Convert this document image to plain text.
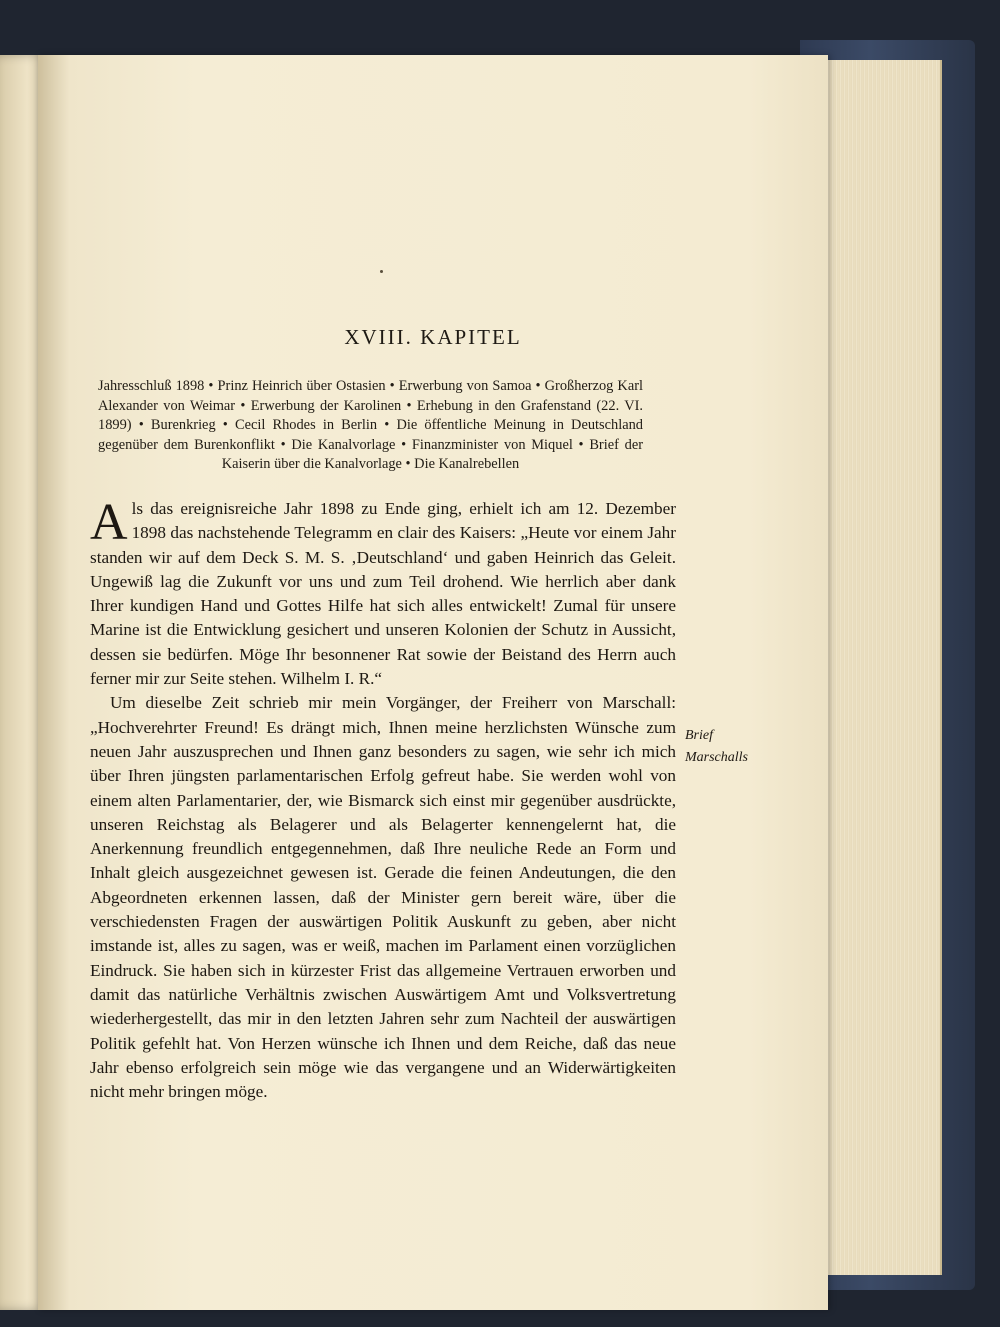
XVIII. KAPITEL
Jahresschluß 1898 • Prinz Heinrich über Ostasien • Erwerbung von Samoa • Großherzog Karl Alexander von Weimar • Erwerbung der Karolinen • Erhebung in den Grafenstand (22. VI. 1899) • Burenkrieg • Cecil Rhodes in Berlin • Die öffentliche Meinung in Deutschland gegenüber dem Burenkonflikt • Die Kanalvorlage • Finanzminister von Miquel • Brief der Kaiserin über die Kanalvorlage • Die Kanalrebellen

Als das ereignisreiche Jahr 1898 zu Ende ging, erhielt ich am 12. Dezember 1898 das nachstehende Telegramm en clair des Kaisers: „Heute vor einem Jahr standen wir auf dem Deck S. M. S. ‚Deutschland‘ und gaben Heinrich das Geleit. Ungewiß lag die Zukunft vor uns und zum Teil drohend. Wie herrlich aber dank Ihrer kundigen Hand und Gottes Hilfe hat sich alles entwickelt! Zumal für unsere Marine ist die Entwicklung gesichert und unseren Kolonien der Schutz in Aussicht, dessen sie bedürfen. Möge Ihr besonnener Rat sowie der Beistand des Herrn auch ferner mir zur Seite stehen. Wilhelm I. R.“

Um dieselbe Zeit schrieb mir mein Vorgänger, der Freiherr von Marschall: „Hochverehrter Freund! Es drängt mich, Ihnen meine herzlichsten Wünsche zum neuen Jahr auszusprechen und Ihnen ganz besonders zu sagen, wie sehr ich mich über Ihren jüngsten parlamentarischen Erfolg gefreut habe. Sie werden wohl von einem alten Parlamentarier, der, wie Bismarck sich einst mir gegenüber ausdrückte, unseren Reichstag als Belagerer und als Belagerter kennengelernt hat, die Anerkennung freundlich entgegennehmen, daß Ihre neuliche Rede an Form und Inhalt gleich ausgezeichnet gewesen ist. Gerade die feinen Andeutungen, die den Abgeordneten erkennen lassen, daß der Minister gern bereit wäre, über die verschiedensten Fragen der auswärtigen Politik Auskunft zu geben, aber nicht imstande ist, alles zu sagen, was er weiß, machen im Parlament einen vorzüglichen Eindruck. Sie haben sich in kürzester Frist das allgemeine Vertrauen erworben und damit das natürliche Verhältnis zwischen Auswärtigem Amt und Volksvertretung wiederhergestellt, das mir in den letzten Jahren sehr zum Nachteil der auswärtigen Politik gefehlt hat. Von Herzen wünsche ich Ihnen und dem Reiche, daß das neue Jahr ebenso erfolgreich sein möge wie das vergangene und an Widerwärtigkeiten nicht mehr bringen möge.

Brief
Marschalls
